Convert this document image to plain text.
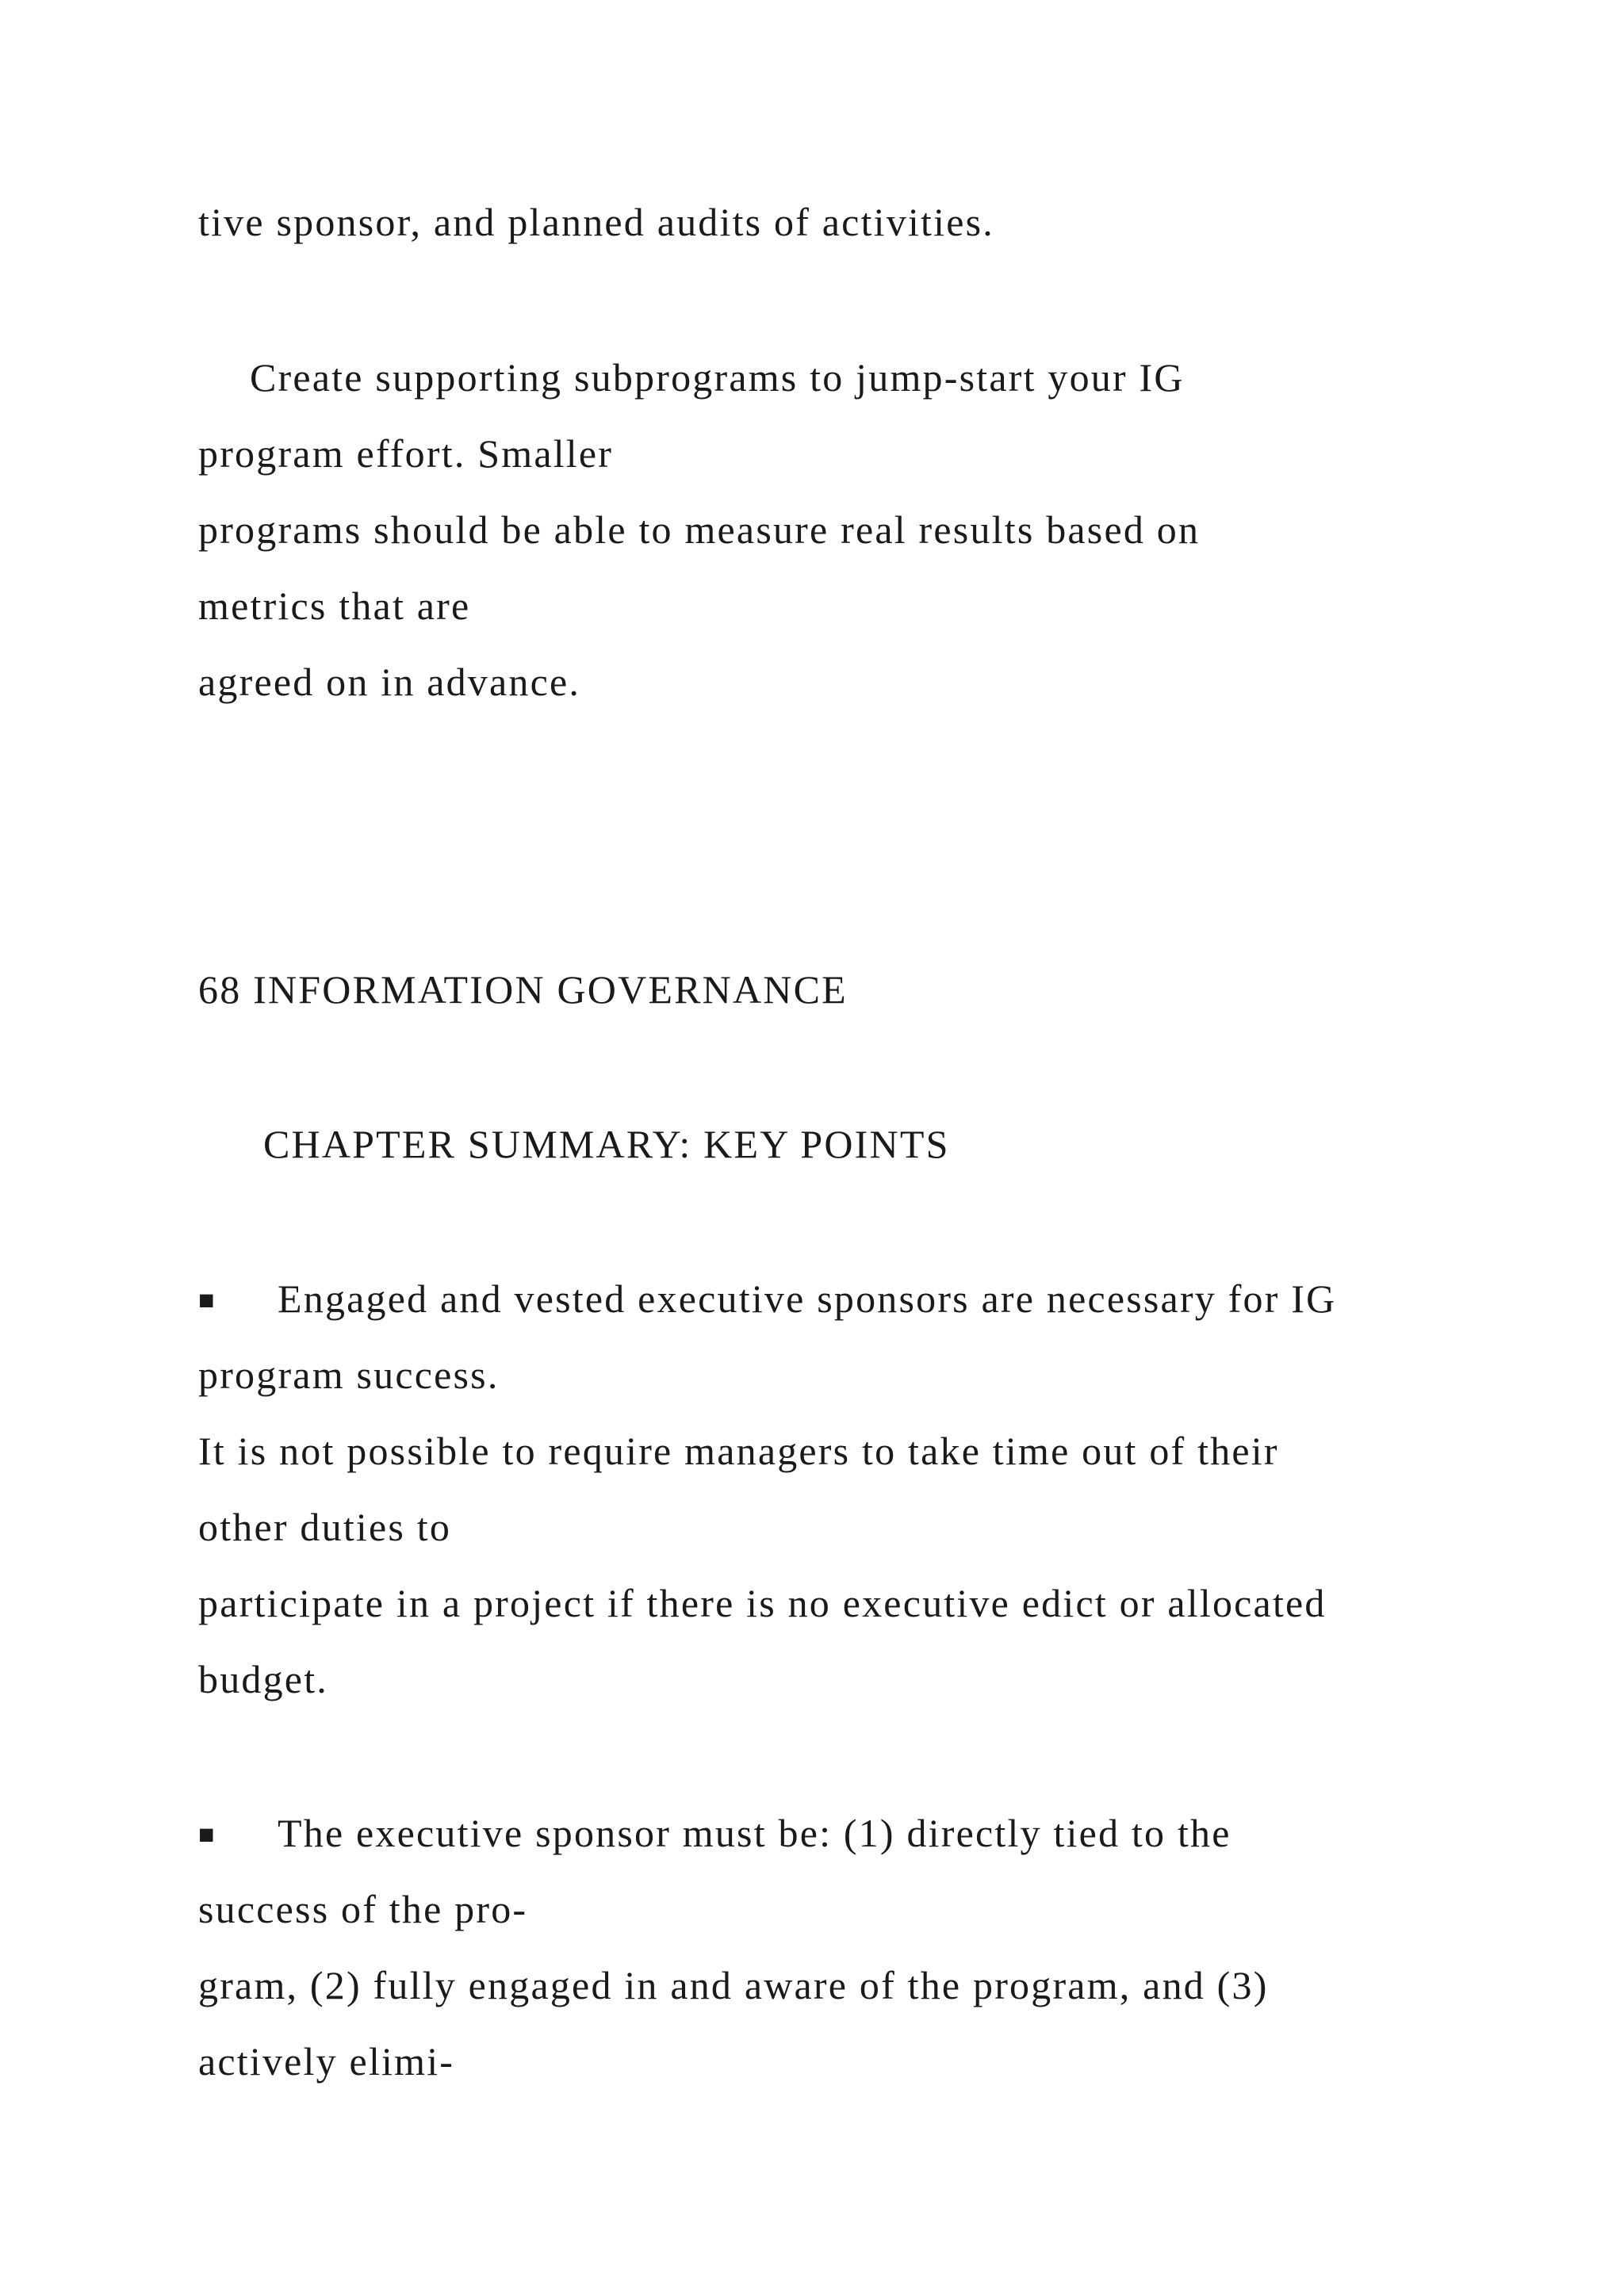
tive sponsor, and planned audits of activities.
Create supporting subprograms to jump-start your IG
program effort. Smaller
programs should be able to measure real results based on
metrics that are
agreed on in advance.
68 INFORMATION GOVERNANCE
CHAPTER SUMMARY: KEY POINTS
■ Engaged and vested executive sponsors are necessary for IG
program success.
It is not possible to require managers to take time out of their
other duties to
participate in a project if there is no executive edict or allocated
budget.
■ The executive sponsor must be: (1) directly tied to the
success of the pro-
gram, (2) fully engaged in and aware of the program, and (3)
actively elimi-
